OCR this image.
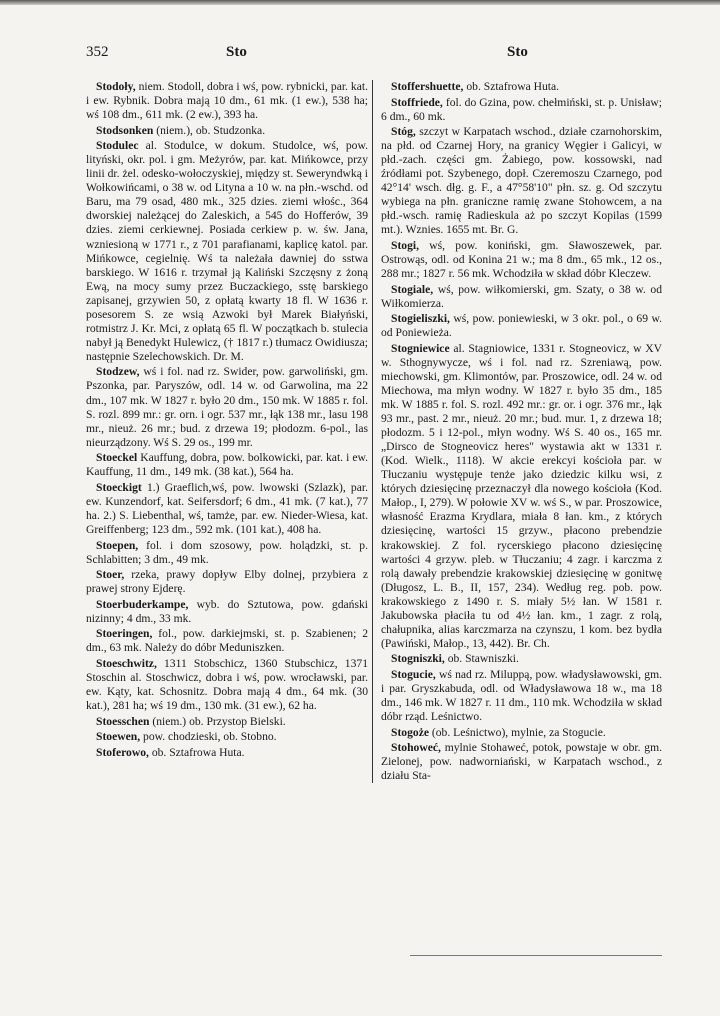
352	Sto	Sto

Stodoły, niem. Stodoll, dobra i wś, pow. rybnicki, par. kat. i ew. Rybnik. Dobra mają 10 dm., 61 mk. (1 ew.), 538 ha; wś 108 dm., 611 mk. (2 ew.), 393 ha.

Stodsonken (niem.), ob. Studzonka.

Stodulec al. Stodulce, w dokum. Studolce, wś, pow. lityński, okr. pol. i gm. Meżyrów, par. kat. Mińkowce, przy linii dr. żel. odesko-wołoczyskiej, między st. Seweryndwką i Wołkowińcami, o 38 w. od Lityna a 10 w. na płn.-wschd. od Baru, ma 79 osad, 480 mk., 325 dzies. ziemi włośc., 364 dworskiej należącej do Zaleskich, a 545 do Hofferów, 39 dzies. ziemi cerkiewnej. Posiada cerkiew p. w. św. Jana, wzniesioną w 1771 r., z 701 parafianami, kaplicę katol. par. Mińkowce, cegielnię. Wś ta należała dawniej do sstwa barskiego. W 1616 r. trzymał ją Kaliński Szczęsny z żoną Ewą, na mocy sumy przez Buczackiego, sstę barskiego zapisanej, grzywien 50, z opłatą kwarty 18 fl. W 1636 r. posesorem S. ze wsią Azwoki był Marek Białyński, rotmistrz J. Kr. Mci, z opłatą 65 fl. W początkach b. stulecia nabył ją Benedykt Hulewicz, († 1817 r.) tłumacz Owidiusza; następnie Szelechowskich. Dr. M.

Stodzew, wś i fol. nad rz. Swider, pow. garwoliński, gm. Pszonka, par. Paryszów, odl. 14 w. od Garwolina, ma 22 dm., 107 mk. W 1827 r. było 20 dm., 150 mk. W 1885 r. fol. S. rozl. 899 mr.: gr. orn. i ogr. 537 mr., łąk 138 mr., lasu 198 mr., nieuż. 26 mr.; bud. z drzewa 19; płodozm. 6-pol., las nieurządzony. Wś S. 29 os., 199 mr.

Stoeckel Kauffung, dobra, pow. bolkowicki, par. kat. i ew. Kauffung, 11 dm., 149 mk. (38 kat.), 564 ha.

Stoeckigt 1.) Graeflich,wś, pow. lwowski (Szlazk), par. ew. Kunzendorf, kat. Seifersdorf; 6 dm., 41 mk. (7 kat.), 77 ha. 2.) S. Liebenthal, wś, tamże, par. ew. Nieder-Wiesa, kat. Greiffenberg; 123 dm., 592 mk. (101 kat.), 408 ha.

Stoepen, fol. i dom szosowy, pow. holądzki, st. p. Schlabitten; 3 dm., 49 mk.

Stoer, rzeka, prawy dopływ Elby dolnej, przybiera z prawej strony Ejderę.

Stoerbuderkampe, wyb. do Sztutowa, pow. gdański nizinny; 4 dm., 33 mk.

Stoeringen, fol., pow. darkiejmski, st. p. Szabienen; 2 dm., 63 mk. Należy do dóbr Meduniszken.

Stoeschwitz, 1311 Stobschicz, 1360 Stubschicz, 1371 Stoschin al. Stoschwicz, dobra i wś, pow. wrocławski, par. ew. Kąty, kat. Schosnitz. Dobra mają 4 dm., 64 mk. (30 kat.), 281 ha; wś 19 dm., 130 mk. (31 ew.), 62 ha.

Stoesschen (niem.) ob. Przystop Bielski.

Stoewen, pow. chodzieski, ob. Stobno.

Stoferowo, ob. Sztafrowa Huta.

Stoffershuette, ob. Sztafrowa Huta.

Stoffriede, fol. do Gzina, pow. chełmiński, st. p. Unisław; 6 dm., 60 mk.

Stóg, szczyt w Karpatach wschod., działe czarnohorskim, na płd. od Czarnej Hory, na granicy Węgier i Galicyi, w płd.-zach. części gm. Żabiego, pow. kossowski, nad źródłami pot. Szybenego, dopł. Czeremoszu Czarnego, pod 42°14' wsch. dłg. g. F., a 47°58'10" płn. sz. g. Od szczytu wybiega na płn. graniczne ramię zwane Stohowcem, a na płd.-wsch. ramię Radieskula aż po szczyt Kopilas (1599 mt.). Wznies. 1655 mt. Br. G.

Stogi, wś, pow. koniński, gm. Sławoszewek, par. Ostrowąs, odl. od Konina 21 w.; ma 8 dm., 65 mk., 12 os., 288 mr.; 1827 r. 56 mk. Wchodziła w skład dóbr Kleczew.

Stogiale, wś, pow. wiłkomierski, gm. Szaty, o 38 w. od Wiłkomierza.

Stogieliszki, wś, pow. poniewieski, w 3 okr. pol., o 69 w. od Poniewieża.

Stogniewice al. Stagniowice, 1331 r. Stogneovicz, w XV w. Sthognywycze, wś i fol. nad rz. Szreniawą, pow. miechowski, gm. Klimontów, par. Proszowice, odl. 24 w. od Miechowa, ma młyn wodny. W 1827 r. było 35 dm., 185 mk. W 1885 r. fol. S. rozl. 492 mr.: gr. or. i ogr. 376 mr., łąk 93 mr., past. 2 mr., nieuż. 20 mr.; bud. mur. 1, z drzewa 18; płodozm. 5 i 12-pol., młyn wodny. Wś S. 40 os., 165 mr. „Dirsco de Stogneovicz heres" wystawia akt w 1331 r. (Kod. Wielk., 1118). W akcie erekcyi kościoła par. w Tłuczaniu występuje tenże jako dziedzic kilku wsi, z których dziesięcinę przeznaczył dla nowego kościoła (Kod. Małop., I, 279). W połowie XV w. wś S., w par. Proszowice, własność Erazma Krydlara, miała 8 łan. km., z których dziesięcinę, wartości 15 grzyw., płacono prebendzie krakowskiej. Z fol. rycerskiego płacono dziesięcinę wartości 4 grzyw. pleb. w Tłuczaniu; 4 zagr. i karczma z rolą dawały prebendzie krakowskiej dziesięcinę w gonitwę (Długosz, L. B., II, 157, 234). Według reg. pob. pow. krakowskiego z 1490 r. S. miały 5½ łan. W 1581 r. Jakubowska płaciła tu od 4½ łan. km., 1 zagr. z rolą, chałupnika, alias karczmarza na czynszu, 1 kom. bez bydła (Pawiński, Małop., 13, 442). Br. Ch.

Stogniszki, ob. Stawniszki.

Stogucie, wś nad rz. Miluppą, pow. władysławowski, gm. i par. Gryszkabuda, odl. od Władysławowa 18 w., ma 18 dm., 146 mk. W 1827 r. 11 dm., 110 mk. Wchodziła w skład dóbr rząd. Leśnictwo.

Stogoże (ob. Leśnictwo), mylnie, za Stogucie.

Stohoweć, mylnie Stohaweć, potok, powstaje w obr. gm. Zielonej, pow. nadworniański, w Karpatach wschod., z działu Sta-
